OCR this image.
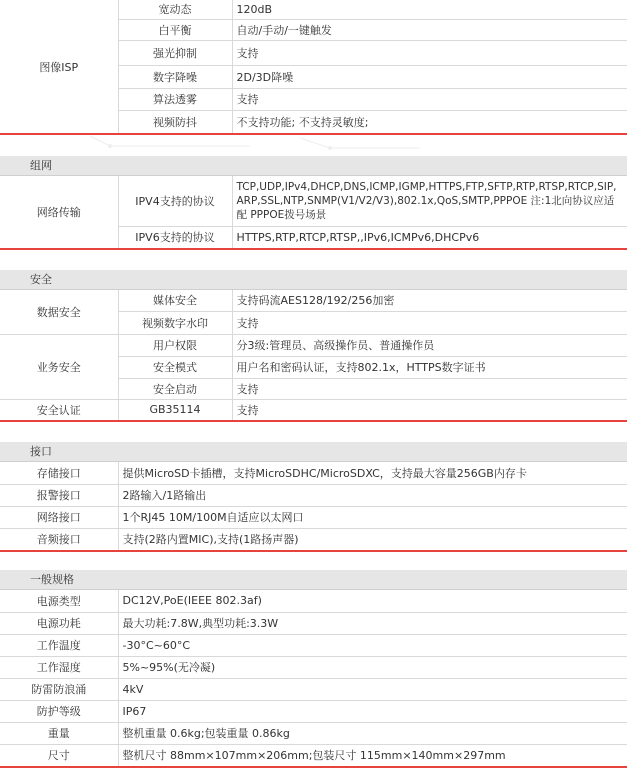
图像ISP	宽动态	120dB
	白平衡	自动/手动/一键触发
	强光抑制	支持
	数字降噪	2D/3D降噪
	算法透雾	支持
	视频防抖	不支持功能; 不支持灵敏度;
组网
网络传输	IPV4支持的协议	TCP,UDP,IPv4,DHCP,DNS,ICMP,IGMP,HTTPS,FTP,SFTP,RTP,RTSP,RTCP,SIP, ARP,SSL,NTP,SNMP(V1/V2/V3),802.1x,QoS,SMTP,PPPOE 注:1北向协议应适配 PPPOE拨号场景
	IPV6支持的协议	HTTPS,RTP,RTCP,RTSP,,IPv6,ICMPv6,DHCPv6
安全
数据安全	媒体安全	支持码流AES128/192/256加密
	视频数字水印	支持
业务安全	用户权限	分3级:管理员、高级操作员、普通操作员
	安全模式	用户名和密码认证，支持802.1x，HTTPS数字证书
	安全启动	支持
安全认证	GB35114	支持
接口
存储接口	提供MicroSD卡插槽，支持MicroSDHC/MicroSDXC，支持最大容量256GB内存卡
报警接口	2路输入/1路输出
网络接口	1个RJ45 10M/100M自适应以太网口
音频接口	支持(2路内置MIC),支持(1路扬声器)
一般规格
电源类型	DC12V,PoE(IEEE 802.3af)
电源功耗	最大功耗:7.8W,典型功耗:3.3W
工作温度	-30°C~60°C
工作湿度	5%~95%(无冷凝)
防雷防浪涌	4kV
防护等级	IP67
重量	整机重量 0.6kg;包装重量 0.86kg
尺寸	整机尺寸 88mm×107mm×206mm;包装尺寸 115mm×140mm×297mm
